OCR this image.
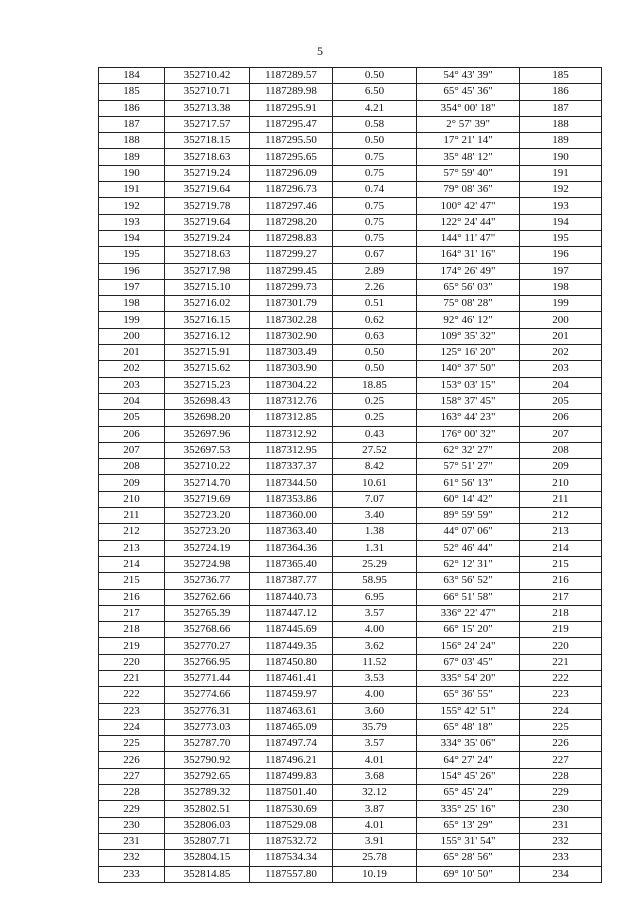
5
184	352710.42	1187289.57	0.50	54° 43' 39"	185
185	352710.71	1187289.98	6.50	65° 45' 36"	186
186	352713.38	1187295.91	4.21	354° 00' 18"	187
187	352717.57	1187295.47	0.58	2° 57' 39"	188
188	352718.15	1187295.50	0.50	17° 21' 14"	189
189	352718.63	1187295.65	0.75	35° 48' 12"	190
190	352719.24	1187296.09	0.75	57° 59' 40"	191
191	352719.64	1187296.73	0.74	79° 08' 36"	192
192	352719.78	1187297.46	0.75	100° 42' 47"	193
193	352719.64	1187298.20	0.75	122° 24' 44"	194
194	352719.24	1187298.83	0.75	144° 11' 47"	195
195	352718.63	1187299.27	0.67	164° 31' 16"	196
196	352717.98	1187299.45	2.89	174° 26' 49"	197
197	352715.10	1187299.73	2.26	65° 56' 03"	198
198	352716.02	1187301.79	0.51	75° 08' 28"	199
199	352716.15	1187302.28	0.62	92° 46' 12"	200
200	352716.12	1187302.90	0.63	109° 35' 32"	201
201	352715.91	1187303.49	0.50	125° 16' 20"	202
202	352715.62	1187303.90	0.50	140° 37' 50"	203
203	352715.23	1187304.22	18.85	153° 03' 15"	204
204	352698.43	1187312.76	0.25	158° 37' 45"	205
205	352698.20	1187312.85	0.25	163° 44' 23"	206
206	352697.96	1187312.92	0.43	176° 00' 32"	207
207	352697.53	1187312.95	27.52	62° 32' 27"	208
208	352710.22	1187337.37	8.42	57° 51' 27"	209
209	352714.70	1187344.50	10.61	61° 56' 13"	210
210	352719.69	1187353.86	7.07	60° 14' 42"	211
211	352723.20	1187360.00	3.40	89° 59' 59"	212
212	352723.20	1187363.40	1.38	44° 07' 06"	213
213	352724.19	1187364.36	1.31	52° 46' 44"	214
214	352724.98	1187365.40	25.29	62° 12' 31"	215
215	352736.77	1187387.77	58.95	63° 56' 52"	216
216	352762.66	1187440.73	6.95	66° 51' 58"	217
217	352765.39	1187447.12	3.57	336° 22' 47"	218
218	352768.66	1187445.69	4.00	66° 15' 20"	219
219	352770.27	1187449.35	3.62	156° 24' 24"	220
220	352766.95	1187450.80	11.52	67° 03' 45"	221
221	352771.44	1187461.41	3.53	335° 54' 20"	222
222	352774.66	1187459.97	4.00	65° 36' 55"	223
223	352776.31	1187463.61	3.60	155° 42' 51"	224
224	352773.03	1187465.09	35.79	65° 48' 18"	225
225	352787.70	1187497.74	3.57	334° 35' 06"	226
226	352790.92	1187496.21	4.01	64° 27' 24"	227
227	352792.65	1187499.83	3.68	154° 45' 26"	228
228	352789.32	1187501.40	32.12	65° 45' 24"	229
229	352802.51	1187530.69	3.87	335° 25' 16"	230
230	352806.03	1187529.08	4.01	65° 13' 29"	231
231	352807.71	1187532.72	3.91	155° 31' 54"	232
232	352804.15	1187534.34	25.78	65° 28' 56"	233
233	352814.85	1187557.80	10.19	69° 10' 50"	234
